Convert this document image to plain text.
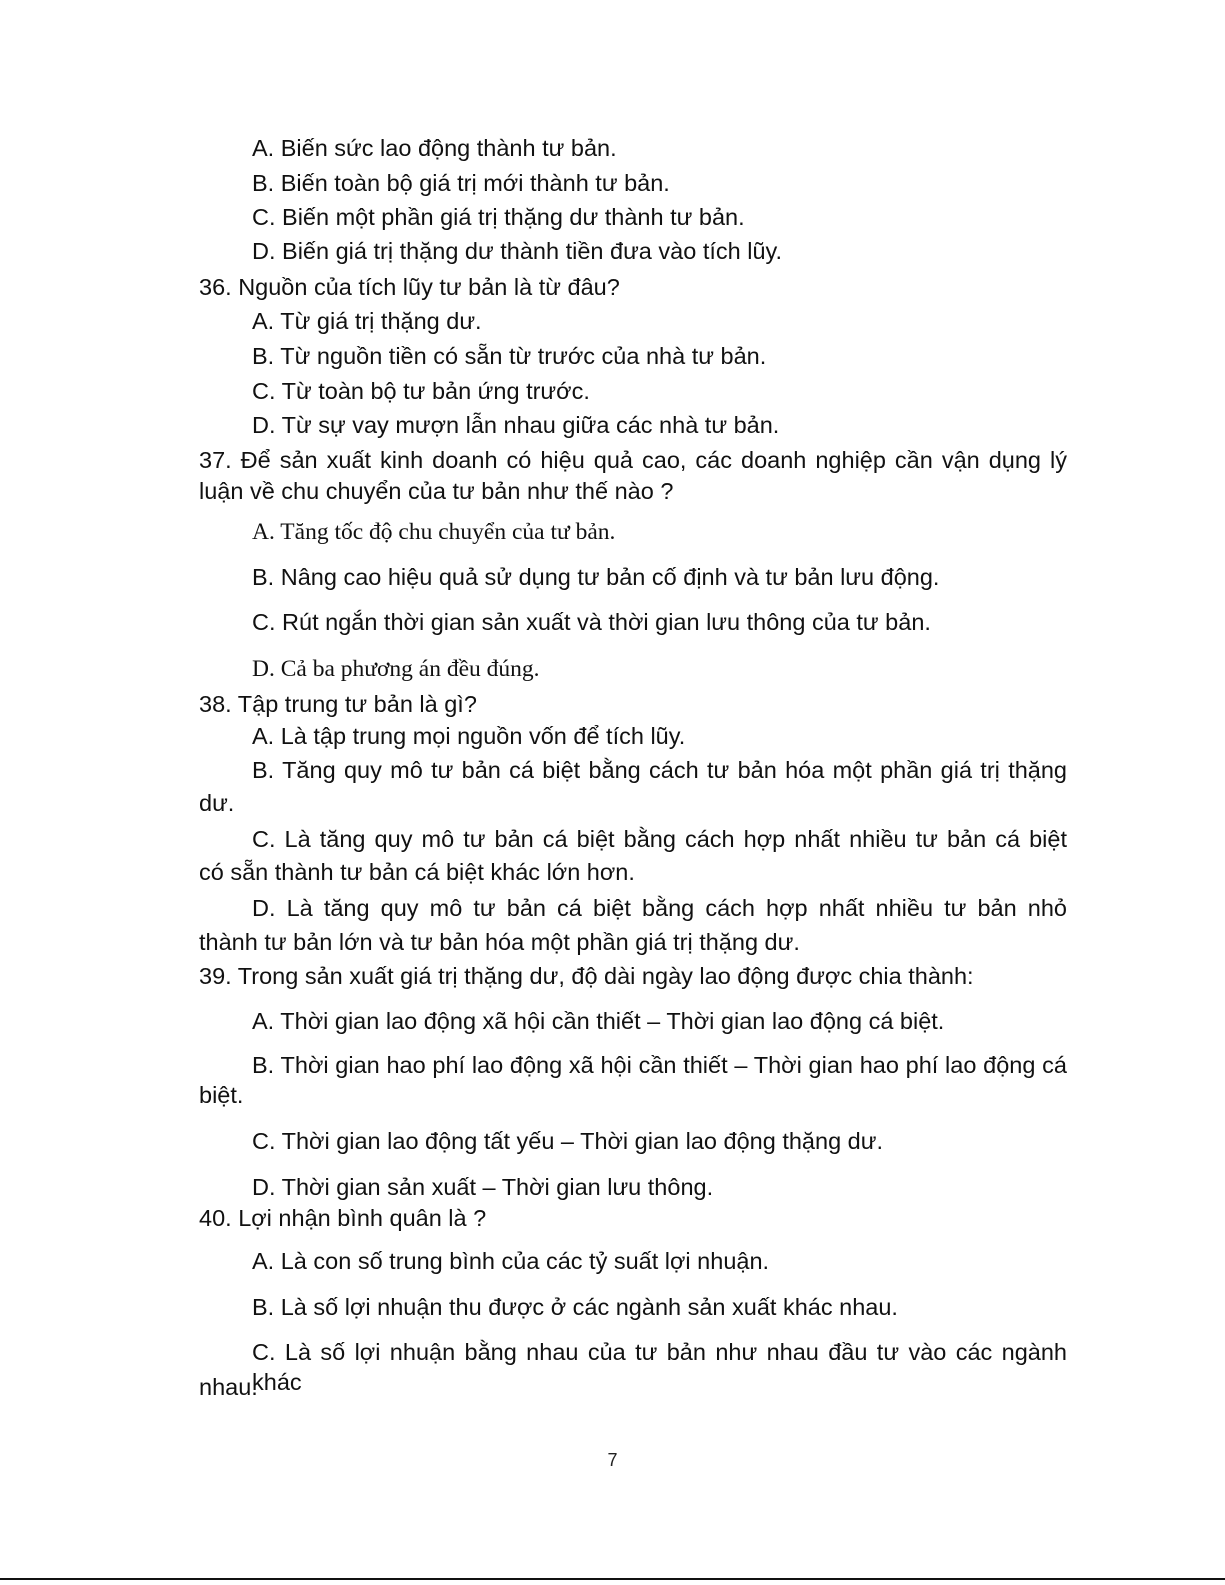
A. Biến sức lao động thành tư bản.
B. Biến toàn bộ giá trị mới thành tư bản.
C. Biến một phần giá trị thặng dư thành tư bản.
D. Biến giá trị thặng dư thành tiền đưa vào tích lũy.
36. Nguồn của tích lũy tư bản là từ đâu?
A. Từ giá trị thặng dư.
B. Từ nguồn tiền có sẵn từ trước của nhà tư bản.
C. Từ toàn bộ tư bản ứng trước.
D. Từ sự vay mượn lẫn nhau giữa các nhà tư bản.
37. Để sản xuất kinh doanh có hiệu quả cao, các doanh nghiệp cần vận dụng lý
luận về chu chuyển của tư bản như thế nào ?
A. Tăng tốc độ chu chuyển của tư bản.
B. Nâng cao hiệu quả sử dụng tư bản cố định và tư bản lưu động.
C. Rút ngắn thời gian sản xuất và thời gian lưu thông của tư bản.
D. Cả ba phương án đều đúng.
38. Tập trung tư bản là gì?
A. Là tập trung mọi nguồn vốn để tích lũy.
B. Tăng quy mô tư bản cá biệt bằng cách tư bản hóa một phần giá trị thặng
dư.
C. Là tăng quy mô tư bản cá biệt bằng cách hợp nhất nhiều tư bản cá biệt
có sẵn thành tư bản cá biệt khác lớn hơn.
D. Là tăng quy mô tư bản cá biệt bằng cách hợp nhất nhiều tư bản nhỏ
thành tư bản lớn và tư bản hóa một phần giá trị thặng dư.
39. Trong sản xuất giá trị thặng dư, độ dài ngày lao động được chia thành:
A. Thời gian lao động xã hội cần thiết – Thời gian lao động cá biệt.
B. Thời gian hao phí lao động xã hội cần thiết – Thời gian hao phí lao động cá
biệt.
C. Thời gian lao động tất yếu – Thời gian lao động thặng dư.
D. Thời gian sản xuất – Thời gian lưu thông.
40. Lợi nhận bình quân là ?
A. Là con số trung bình của các tỷ suất lợi nhuận.
B. Là số lợi nhuận thu được ở các ngành sản xuất khác nhau.
C. Là số lợi nhuận bằng nhau của tư bản như nhau đầu tư vào các ngành khác
nhau.
7
